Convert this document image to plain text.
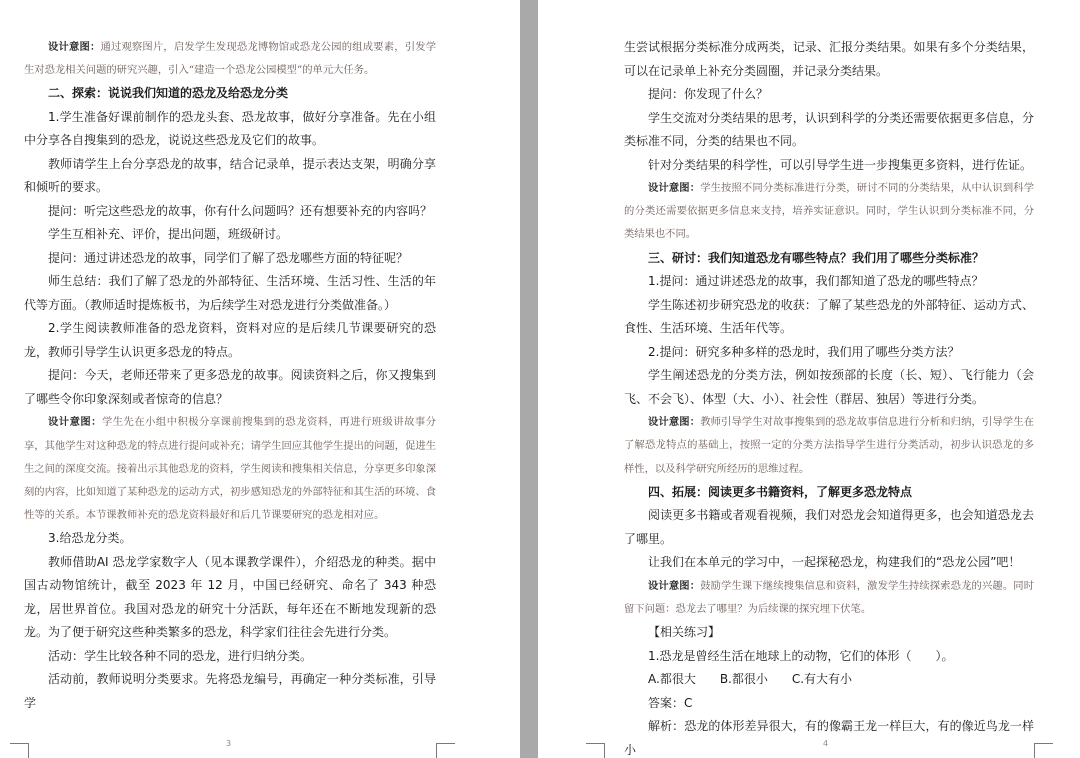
设计意图：通过观察图片，启发学生发现恐龙博物馆或恐龙公园的组成要素，引发学生对恐龙相关问题的研究兴趣，引入“建造一个恐龙公园模型”的单元大任务。

二、探索：说说我们知道的恐龙及给恐龙分类

1.学生准备好课前制作的恐龙头套、恐龙故事，做好分享准备。先在小组中分享各自搜集到的恐龙，说说这些恐龙及它们的故事。

教师请学生上台分享恐龙的故事，结合记录单，提示表达支架，明确分享和倾听的要求。

提问：听完这些恐龙的故事，你有什么问题吗？还有想要补充的内容吗？

学生互相补充、评价，提出问题，班级研讨。

提问：通过讲述恐龙的故事，同学们了解了恐龙哪些方面的特征呢？

师生总结：我们了解了恐龙的外部特征、生活环境、生活习性、生活的年代等方面。（教师适时提炼板书，为后续学生对恐龙进行分类做准备。）

2.学生阅读教师准备的恐龙资料，资料对应的是后续几节课要研究的恐龙，教师引导学生认识更多恐龙的特点。

提问：今天，老师还带来了更多恐龙的故事。阅读资料之后，你又搜集到了哪些令你印象深刻或者惊奇的信息？

设计意图：学生先在小组中积极分享课前搜集到的恐龙资料，再进行班级讲故事分享，其他学生对这种恐龙的特点进行提问或补充；请学生回应其他学生提出的问题，促进生生之间的深度交流。接着出示其他恐龙的资料，学生阅读和搜集相关信息，分享更多印象深刻的内容，比如知道了某种恐龙的运动方式，初步感知恐龙的外部特征和其生活的环境、食性等的关系。本节课教师补充的恐龙资料最好和后几节课要研究的恐龙相对应。

3.给恐龙分类。

教师借助AI 恐龙学家数字人（见本课教学课件），介绍恐龙的种类。据中国古动物馆统计，截至 2023 年 12 月，中国已经研究、命名了 343 种恐龙，居世界首位。我国对恐龙的研究十分活跃，每年还在不断地发现新的恐龙。为了便于研究这些种类繁多的恐龙，科学家们往往会先进行分类。

活动：学生比较各种不同的恐龙，进行归纳分类。

活动前，教师说明分类要求。先将恐龙编号，再确定一种分类标准，引导学

3

生尝试根据分类标准分成两类，记录、汇报分类结果。如果有多个分类结果，可以在记录单上补充分类圆圈，并记录分类结果。

提问：你发现了什么？

学生交流对分类结果的思考，认识到科学的分类还需要依据更多信息，分类标准不同，分类的结果也不同。

针对分类结果的科学性，可以引导学生进一步搜集更多资料，进行佐证。

设计意图：学生按照不同分类标准进行分类，研讨不同的分类结果，从中认识到科学的分类还需要依据更多信息来支持，培养实证意识。同时，学生认识到分类标准不同，分类结果也不同。

三、研讨：我们知道恐龙有哪些特点？我们用了哪些分类标准？

1.提问：通过讲述恐龙的故事，我们都知道了恐龙的哪些特点？

学生陈述初步研究恐龙的收获：了解了某些恐龙的外部特征、运动方式、食性、生活环境、生活年代等。

2.提问：研究多种多样的恐龙时，我们用了哪些分类方法？

学生阐述恐龙的分类方法，例如按颈部的长度（长、短）、飞行能力（会飞、不会飞）、体型（大、小）、社会性（群居、独居）等进行分类。

设计意图：教师引导学生对故事搜集到的恐龙故事信息进行分析和归纳，引导学生在了解恐龙特点的基础上，按照一定的分类方法指导学生进行分类活动，初步认识恐龙的多样性，以及科学研究所经历的思维过程。

四、拓展：阅读更多书籍资料，了解更多恐龙特点

阅读更多书籍或者观看视频，我们对恐龙会知道得更多，也会知道恐龙去了哪里。

让我们在本单元的学习中，一起探秘恐龙，构建我们的“恐龙公园”吧！

设计意图：鼓励学生课下继续搜集信息和资料，激发学生持续探索恐龙的兴趣。同时留下问题：恐龙去了哪里？为后续课的探究埋下伏笔。

【相关练习】

1.恐龙是曾经生活在地球上的动物，它们的体形（　　）。

A.都很大　　B.都很小　　C.有大有小

答案：C

解析：恐龙的体形差异很大，有的像霸王龙一样巨大，有的像近鸟龙一样小	4
